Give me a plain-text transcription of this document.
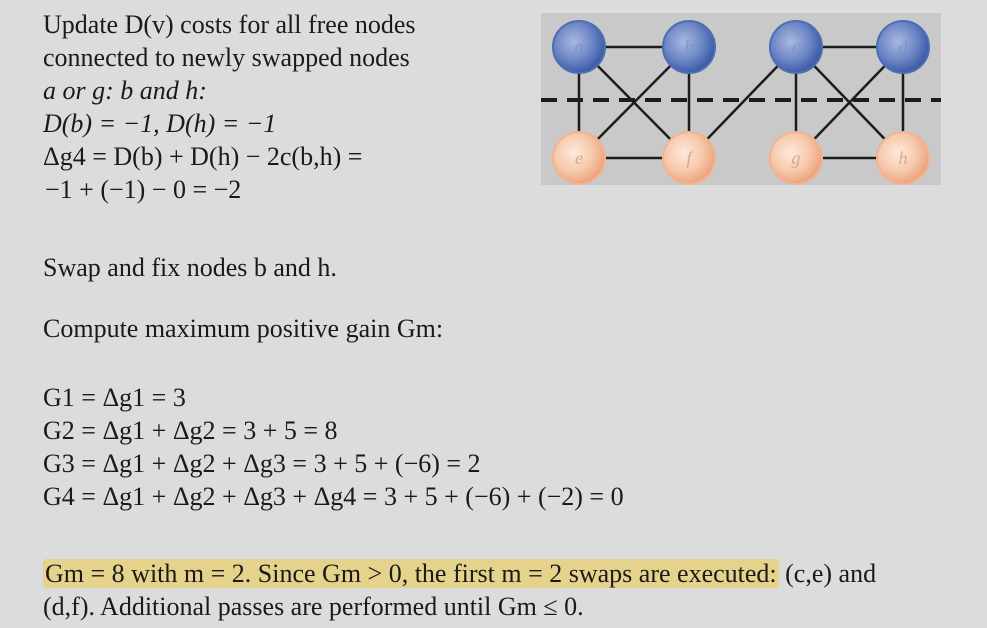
Update D(v) costs for all free nodes
connected to newly swapped nodes
a or g: b and h:
D(b) = −1, D(h) = −1
Δg4 = D(b) + D(h) − 2c(b,h) =
−1 + (−1) − 0 = −2
a	b	c	d
e	f	g	h
Swap and fix nodes b and h.
Compute maximum positive gain Gm:
G1 = Δg1 = 3
G2 = Δg1 + Δg2 = 3 + 5 = 8
G3 = Δg1 + Δg2 + Δg3 = 3 + 5 + (−6) = 2
G4 = Δg1 + Δg2 + Δg3 + Δg4 = 3 + 5 + (−6) + (−2) = 0
Gm = 8 with m = 2. Since Gm > 0, the first m = 2 swaps are executed: (c,e) and
(d,f). Additional passes are performed until Gm ≤ 0.
